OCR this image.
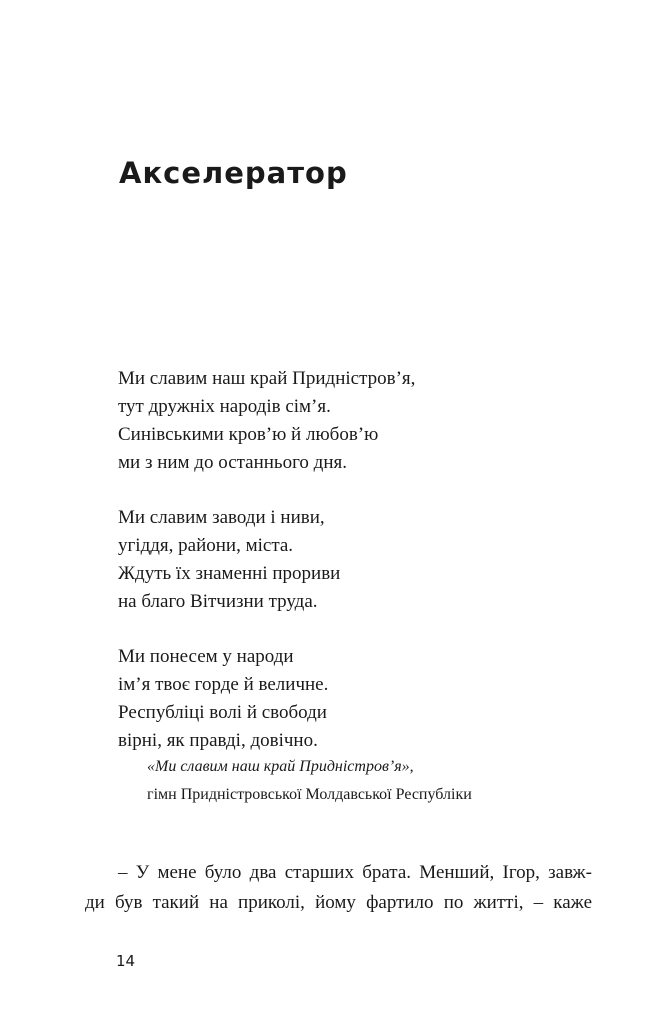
Акселератор
Ми славим наш край Придністров’я,
тут дружніх народів сім’я.
Синівськими кров’ю й любов’ю
ми з ним до останнього дня.
Ми славим заводи і ниви,
угіддя, райони, міста.
Ждуть їх знаменні прориви
на благо Вітчизни труда.
Ми понесем у народи
ім’я твоє горде й величне.
Республіці волі й свободи
вірні, як правді, довічно.
«Ми славим наш край Придністров’я»,
гімн Придністровської Молдавської Республіки
– У мене було два старших брата. Менший, Ігор, завж-
ди був такий на приколі, йому фартило по житті, – каже
14
